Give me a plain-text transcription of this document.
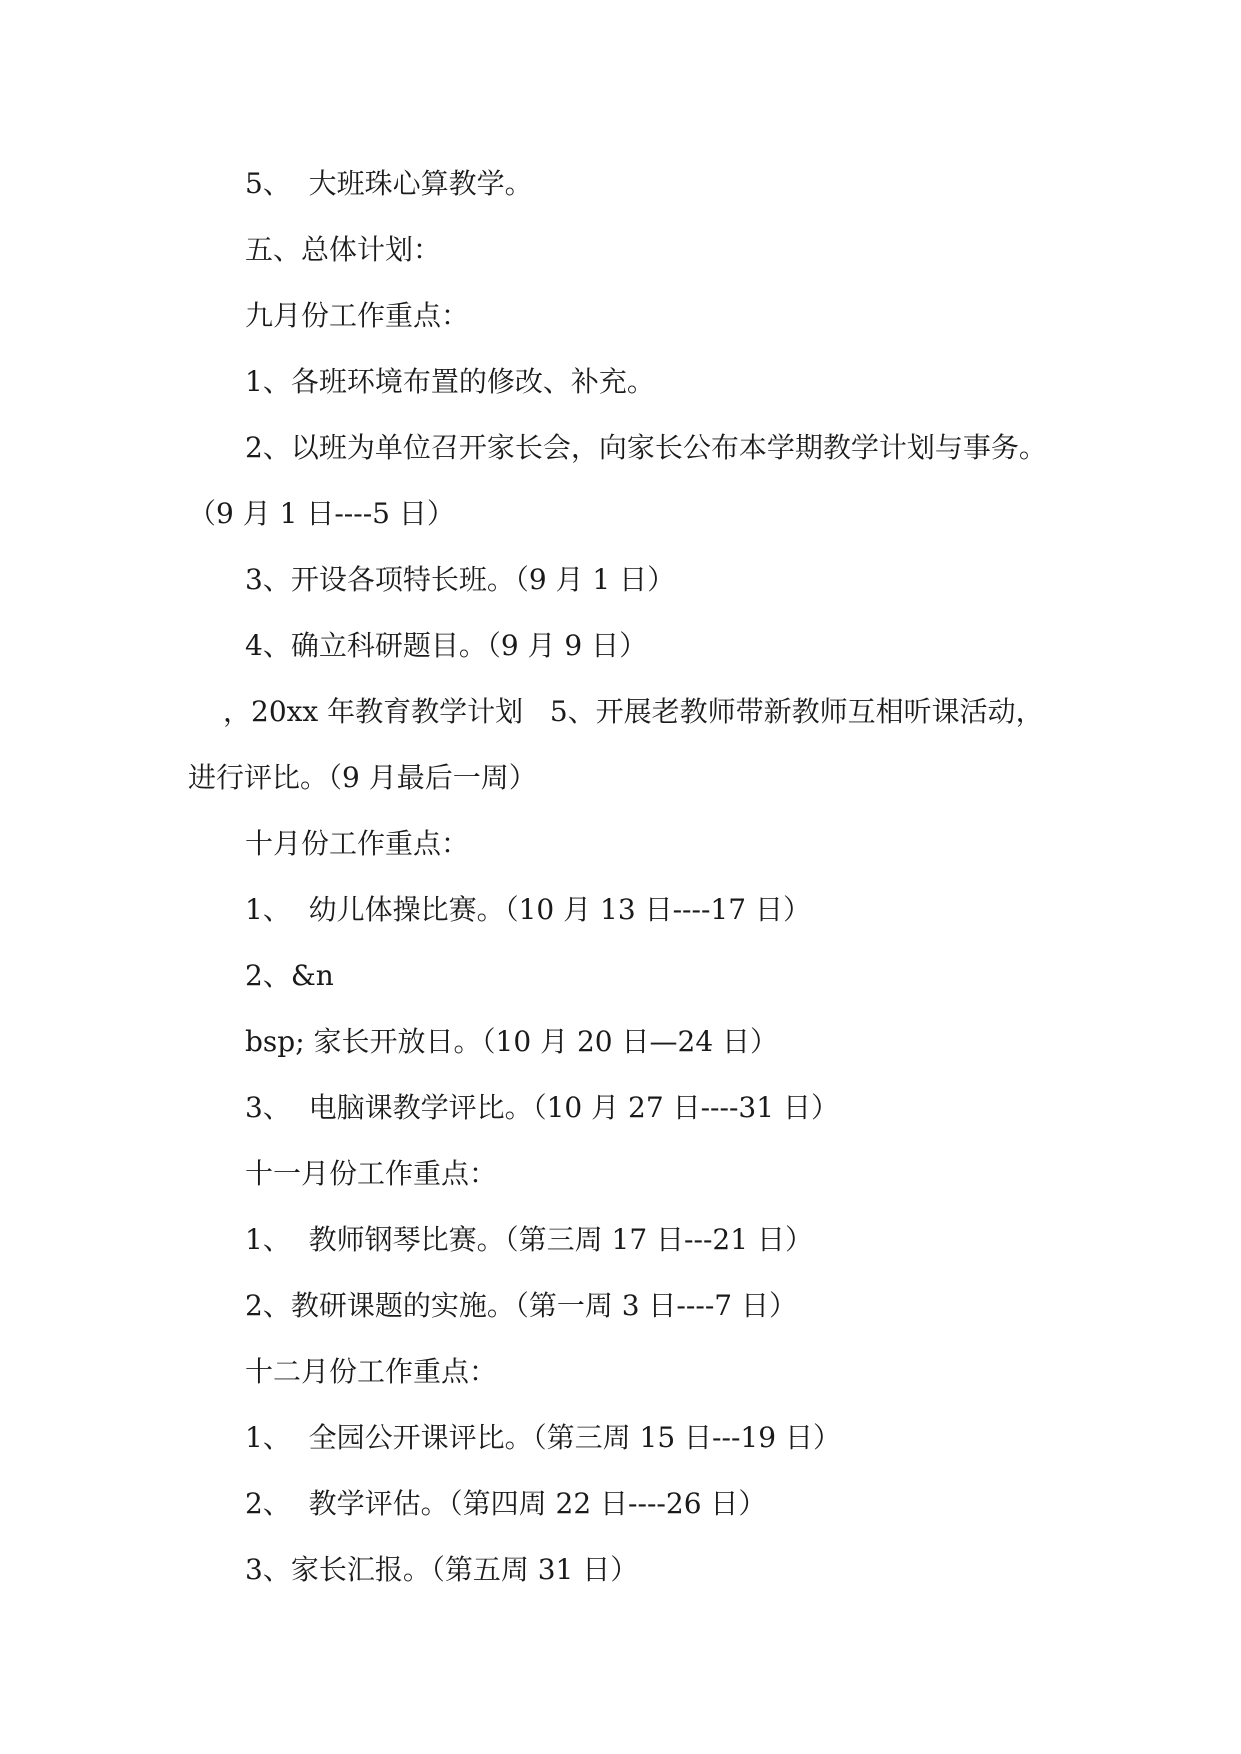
5、  大班珠心算教学。
五、总体计划：
九月份工作重点：
1、各班环境布置的修改、补充。
2、以班为单位召开家长会，向家长公布本学期教学计划与事务。
（9 月 1 日----5 日）
3、开设各项特长班。（9 月 1 日）
4、确立科研题目。（9 月 9 日）
，20xx 年教育教学计划   5、开展老教师带新教师互相听课活动，
进行评比。（9 月最后一周）
十月份工作重点：
1、  幼儿体操比赛。（10 月 13 日----17 日）
2、&n
bsp; 家长开放日。（10 月 20 日—24 日）
3、  电脑课教学评比。（10 月 27 日----31 日）
十一月份工作重点：
1、  教师钢琴比赛。（第三周 17 日---21 日）
2、教研课题的实施。（第一周 3 日----7 日）
十二月份工作重点：
1、  全园公开课评比。（第三周 15 日---19 日）
2、  教学评估。（第四周 22 日----26 日）
3、家长汇报。（第五周 31 日）
